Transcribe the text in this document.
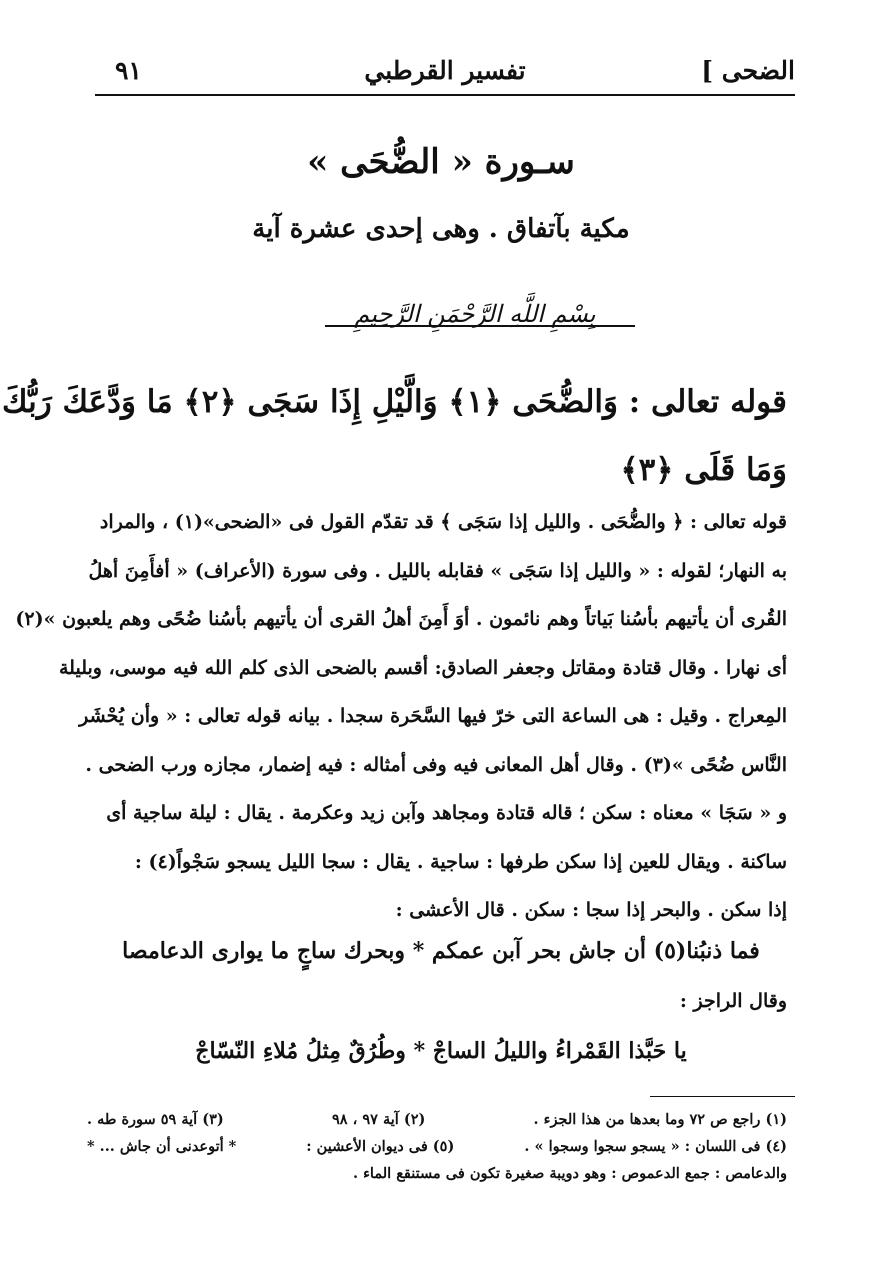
الضحى ]
تفسير القرطبي
٩١
سـورة « الضُّحَى »
مكية بآتفاق . وهى إحدى عشرة آية
بِسْمِ اللَّهِ الرَّحْمَنِ الرَّحِيمِ
قوله تعالى : وَالضُّحَى ﴿١﴾ وَالَّيْلِ إِذَا سَجَى ﴿٢﴾ مَا وَدَّعَكَ رَبُّكَ
وَمَا قَلَى ﴿٣﴾
قوله تعالى : ﴿ والضُّحَى . والليل إذا سَجَى ﴾ قد تقدّم القول فى «الضحى»(١) ، والمراد
به النهار؛ لقوله : « والليل إذا سَجَى » فقابله بالليل . وفى سورة (الأعراف) « أفأَمِنَ أهلُ
القُرى أن يأتيهم بأسُنا بَياتاً وهم نائمون . أوَ أَمِنَ أهلُ القرى أن يأتيهم بأسُنا ضُحًى وهم يلعبون »(٢)
أى نهارا . وقال قتادة ومقاتل وجعفر الصادق: أقسم بالضحى الذى كلم الله فيه موسى، وبليلة
المِعراج . وقيل : هى الساعة التى خرّ فيها السَّحَرة سجدا . بيانه قوله تعالى : « وأن يُحْشَر
النَّاس ضُحًى »(٣) . وقال أهل المعانى فيه وفى أمثاله : فيه إضمار، مجازه ورب الضحى .
و « سَجَا » معناه : سكن ؛ قاله قتادة ومجاهد وآبن زيد وعكرمة . يقال : ليلة ساجية أى
ساكنة . ويقال للعين إذا سكن طرفها : ساجية . يقال : سجا الليل يسجو سَجْواً(٤) :
إذا سكن . والبحر إذا سجا : سكن . قال الأعشى :
فما ذنبُنا(٥) أن جاش بحر آبن عمكم * وبحرك ساجٍ ما يوارى الدعامصا
وقال الراجز :
يا حَبَّذا القَمْراءُ والليلُ الساجْ * وطُرُقٌ مِثلُ مُلاءِ النّسّاجْ
(١) راجع ص ٧٢ وما بعدها من هذا الجزء .
(٢) آية ٩٧ ، ٩٨
(٣) آية ٥٩ سورة طه .
(٤) فى اللسان : « يسجو سجوا وسجوا » .
(٥) فى ديوان الأعشين :
* أتوعدنى أن جاش ... *
والدعامص : جمع الدعموص : وهو دويبة صغيرة تكون فى مستنقع الماء .
